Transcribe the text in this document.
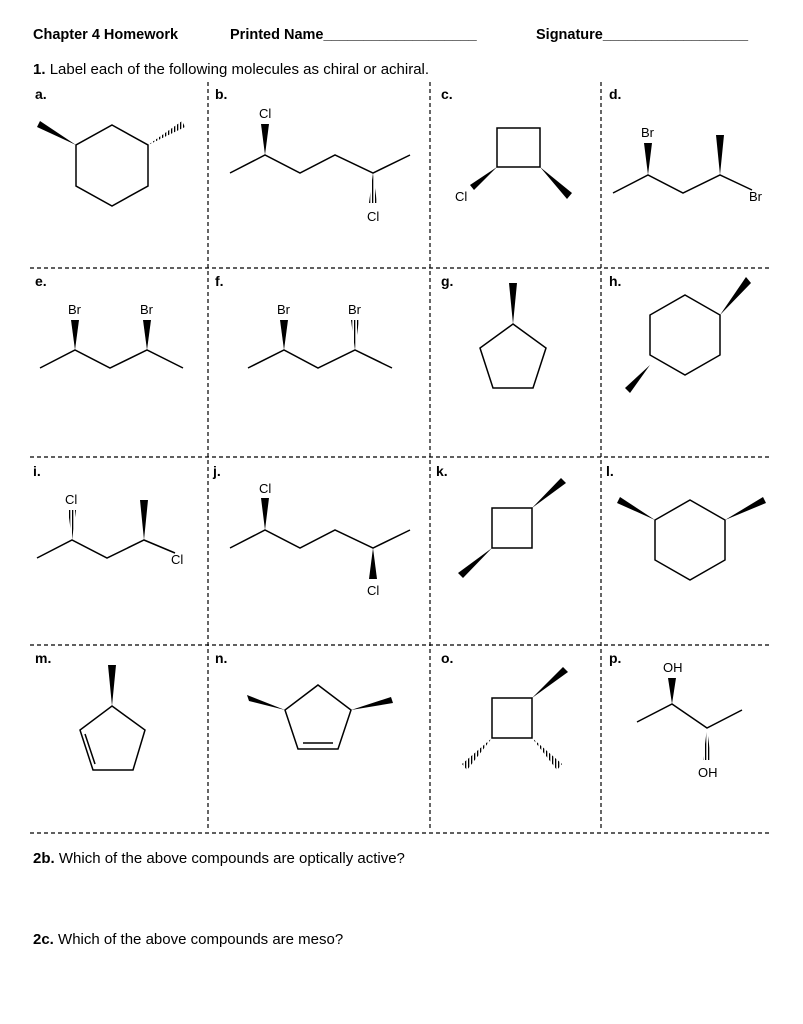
Chapter 4 Homework	Printed Name___________________	Signature__________________
1. Label each of the following molecules as chiral or achiral.
a.	b.	c.	d.
e.	f.	g.	h.
i.	j.	k.	l.
m.	n.	o.	p.
Cl
Cl
Cl
Br
Br
Br	Br	Br	Br
Cl
Cl
Cl
Cl
OH
OH
2b. Which of the above compounds are optically active?
2c. Which of the above compounds are meso?
